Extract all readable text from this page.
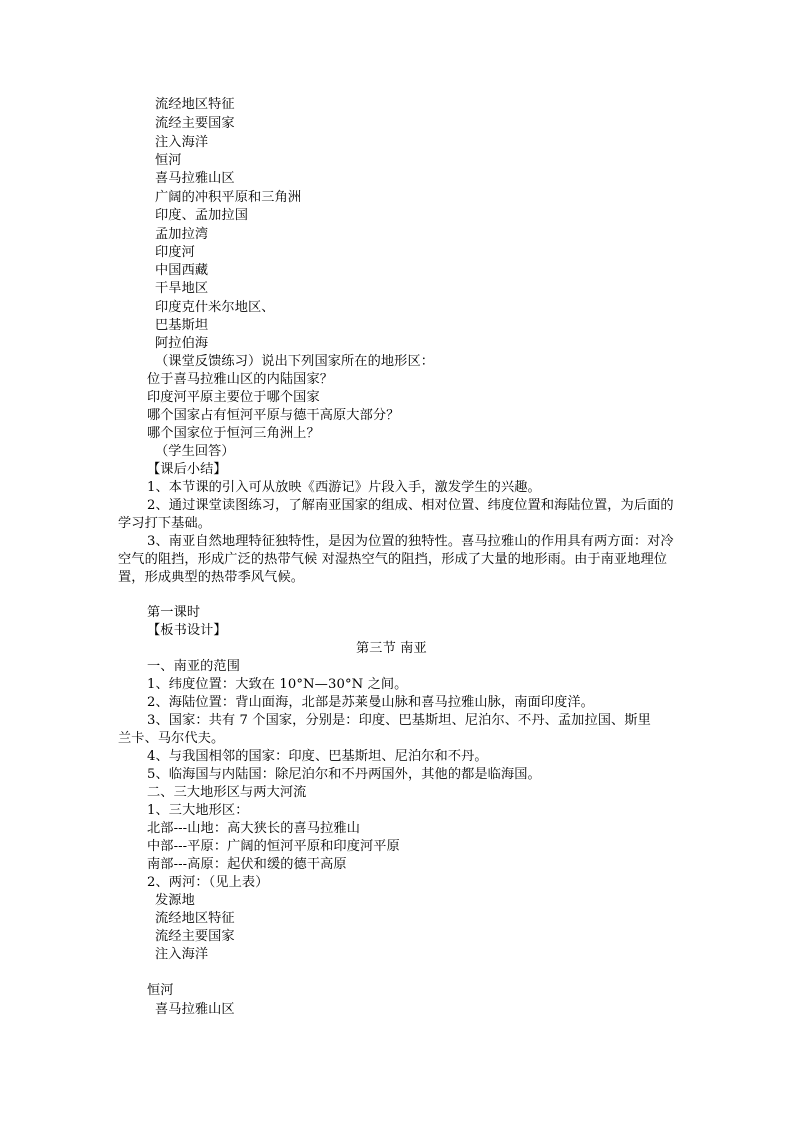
流经地区特征
流经主要国家
注入海洋
恒河
喜马拉雅山区
广阔的冲积平原和三角洲
印度、孟加拉国
孟加拉湾
印度河
中国西藏
干旱地区
印度克什米尔地区、
巴基斯坦
阿拉伯海
（课堂反馈练习）说出下列国家所在的地形区：
位于喜马拉雅山区的内陆国家？
印度河平原主要位于哪个国家
哪个国家占有恒河平原与德干高原大部分？
哪个国家位于恒河三角洲上？
（学生回答）
【课后小结】
1、本节课的引入可从放映《西游记》片段入手，激发学生的兴趣。
2、通过课堂读图练习，了解南亚国家的组成、相对位置、纬度位置和海陆位置，为后面的学习打下基础。
3、南亚自然地理特征独特性，是因为位置的独特性。喜马拉雅山的作用具有两方面：对冷空气的阻挡，形成广泛的热带气候 对湿热空气的阻挡，形成了大量的地形雨。由于南亚地理位置，形成典型的热带季风气候。
第一课时
【板书设计】
第三节 南亚
一、南亚的范围
1、纬度位置：大致在 10°N—30°N 之间。
2、海陆位置：背山面海，北部是苏莱曼山脉和喜马拉雅山脉，南面印度洋。
3、国家：共有 7 个国家，分别是：印度、巴基斯坦、尼泊尔、不丹、孟加拉国、斯里
兰卡、马尔代夫。
4、与我国相邻的国家：印度、巴基斯坦、尼泊尔和不丹。
5、临海国与内陆国：除尼泊尔和不丹两国外，其他的都是临海国。
二、三大地形区与两大河流
1、三大地形区：
北部---山地：高大狭长的喜马拉雅山
中部---平原：广阔的恒河平原和印度河平原
南部---高原：起伏和缓的德干高原
2、两河：（见上表）
发源地
流经地区特征
流经主要国家
注入海洋
恒河
喜马拉雅山区
